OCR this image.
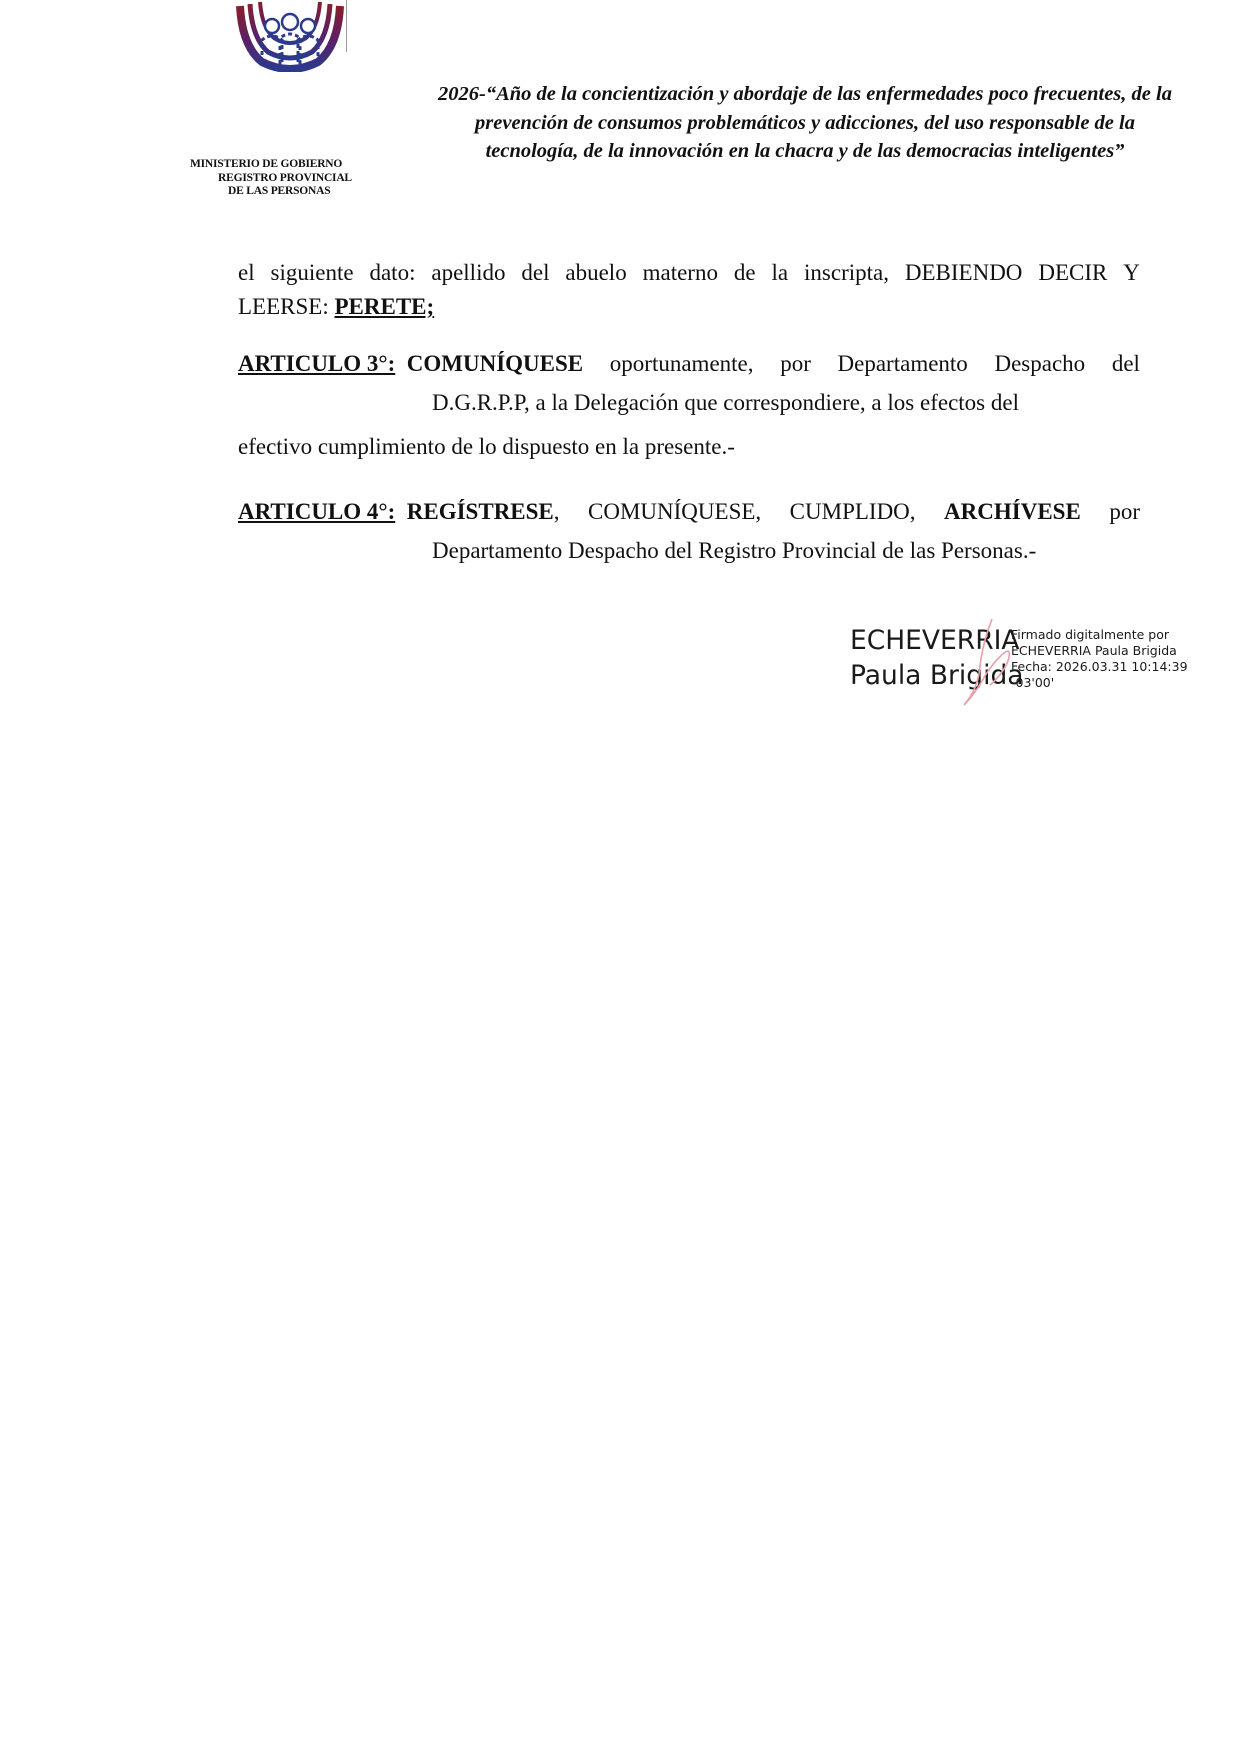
MINISTERIO DE GOBIERNO
REGISTRO PROVINCIAL
DE LAS PERSONAS
2026-“Año de la concientización y abordaje de las enfermedades poco frecuentes, de la
prevención de consumos problemáticos y adicciones, del uso responsable de la
tecnología, de la innovación en la chacra y de las democracias inteligentes”
el siguiente dato: apellido del abuelo materno de la inscripta, DEBIENDO DECIR Y
LEERSE: PERETE;
ARTICULO 3°: COMUNÍQUESE oportunamente, por Departamento Despacho del
D.G.R.P.P, a la Delegación que correspondiere, a los efectos del
efectivo cumplimiento de lo dispuesto en la presente.-
ARTICULO 4°: REGÍSTRESE, COMUNÍQUESE, CUMPLIDO, ARCHÍVESE por
Departamento Despacho del Registro Provincial de las Personas.-
ECHEVERRIA
Paula Brigida
Firmado digitalmente por
ECHEVERRIA Paula Brigida
Fecha: 2026.03.31 10:14:39
-03'00'
